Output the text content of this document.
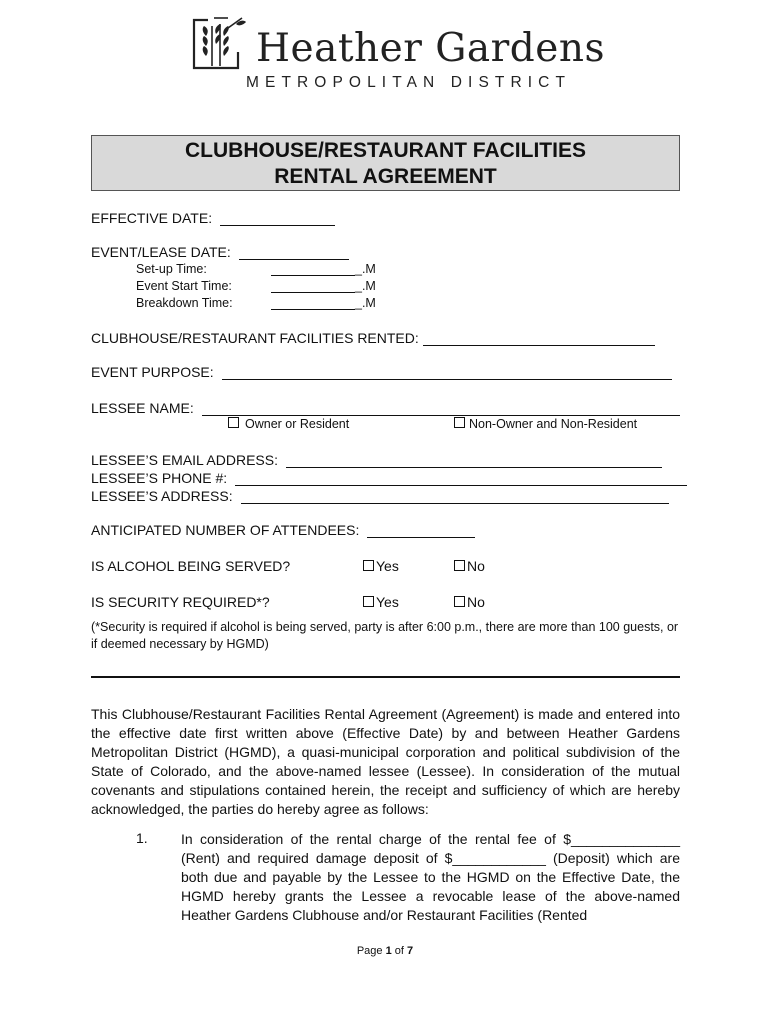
Heather Gardens
METROPOLITAN DISTRICT
CLUBHOUSE/RESTAURANT FACILITIES
RENTAL AGREEMENT
EFFECTIVE DATE:
EVENT/LEASE DATE:
Set-up Time:	_.M
Event Start Time:	_.M
Breakdown Time:	_.M
CLUBHOUSE/RESTAURANT FACILITIES RENTED:
EVENT PURPOSE:
LESSEE NAME:
Owner or Resident	Non-Owner and Non-Resident
LESSEE’S EMAIL ADDRESS:
LESSEE’S PHONE #:
LESSEE’S ADDRESS:
ANTICIPATED NUMBER OF ATTENDEES:
IS ALCOHOL BEING SERVED?	Yes	No
IS SECURITY REQUIRED*?	Yes	No
(*Security is required if alcohol is being served, party is after 6:00 p.m., there are more than 100 guests, or if deemed necessary by HGMD)
This Clubhouse/Restaurant Facilities Rental Agreement (Agreement) is made and entered into the effective date first written above (Effective Date) by and between Heather Gardens Metropolitan District (HGMD), a quasi-municipal corporation and political subdivision of the State of Colorado, and the above-named lessee (Lessee). In consideration of the mutual covenants and stipulations contained herein, the receipt and sufficiency of which are hereby acknowledged, the parties do hereby agree as follows:
1. In consideration of the rental charge of the rental fee of $______________ (Rent) and required damage deposit of $____________ (Deposit) which are both due and payable by the Lessee to the HGMD on the Effective Date, the HGMD hereby grants the Lessee a revocable lease of the above-named Heather Gardens Clubhouse and/or Restaurant Facilities (Rented
Page 1 of 7
